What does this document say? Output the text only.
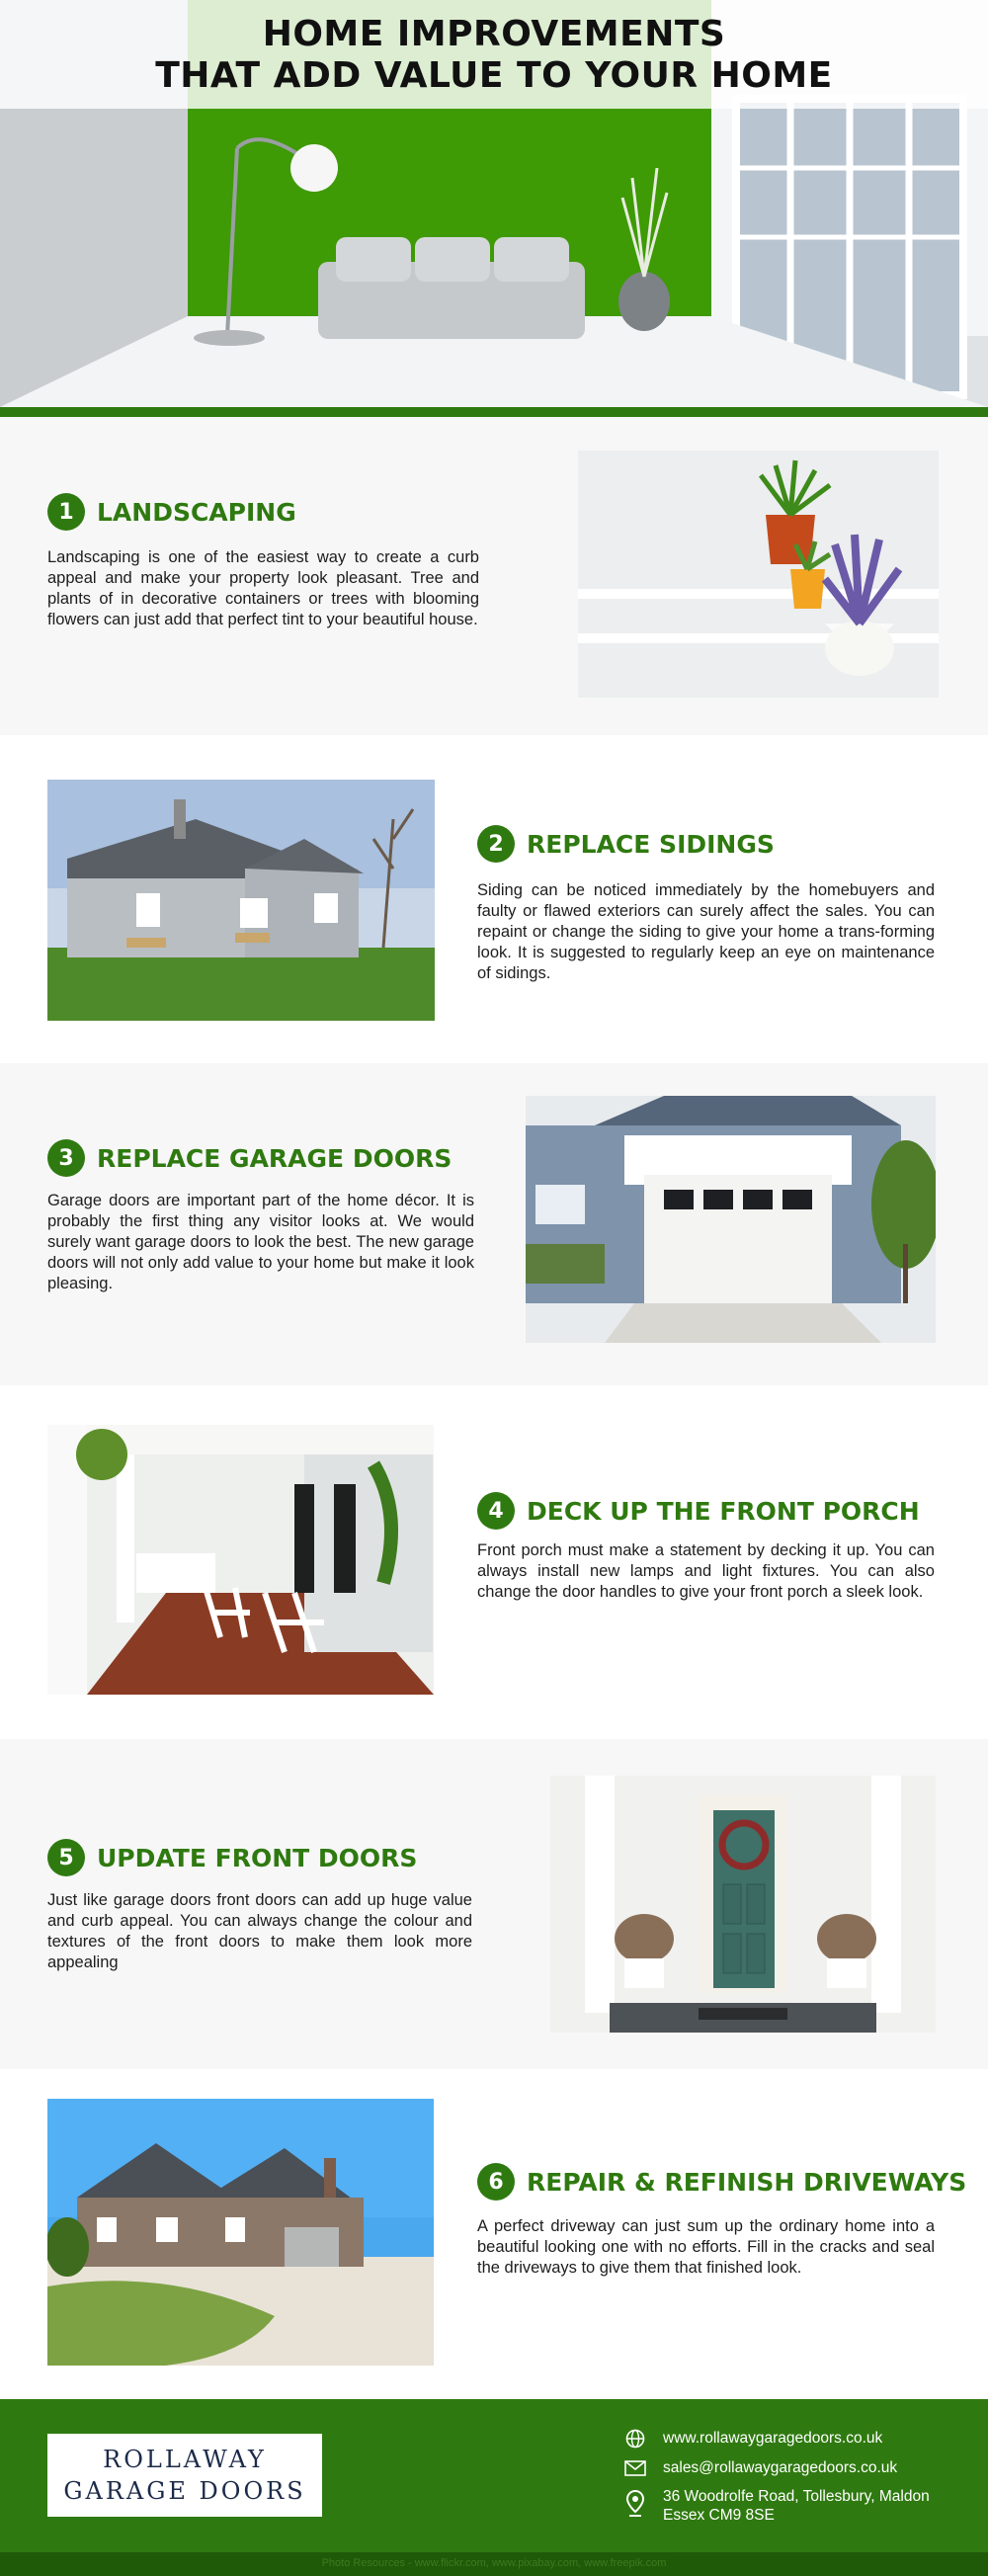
HOME IMPROVEMENTS
THAT ADD VALUE TO YOUR HOME
1 LANDSCAPING
Landscaping is one of the easiest way to create a curb appeal and make your property look pleasant. Tree and plants of in decorative containers or trees with blooming flowers can just add that perfect tint to your beautiful house.
2 REPLACE SIDINGS
Siding can be noticed immediately by the homebuyers and faulty or flawed exteriors can surely affect the sales. You can repaint or change the siding to give your home a trans-forming look. It is suggested to regularly keep an eye on maintenance of sidings.
3 REPLACE GARAGE DOORS
Garage doors are important part of the home décor. It is probably the first thing any visitor looks at. We would surely want garage doors to look the best. The new garage doors will not only add value to your home but make it look pleasing.
4 DECK UP THE FRONT PORCH
Front porch must make a statement by decking it up. You can always install new lamps and light fixtures. You can also change the door handles to give your front porch a sleek look.
5 UPDATE FRONT DOORS
Just like garage doors front doors can add up huge value and curb appeal. You can always change the colour and textures of the front doors to make them look more appealing
6 REPAIR & REFINISH DRIVEWAYS
A perfect driveway can just sum up the ordinary home into a beautiful looking one with no efforts. Fill in the cracks and seal the driveways to give them that finished look.
ROLLAWAY
GARAGE DOORS
www.rollawaygaragedoors.co.uk
sales@rollawaygaragedoors.co.uk
36 Woodrolfe Road, Tollesbury, Maldon
Essex CM9 8SE
Photo Resources - www.flickr.com, www.pixabay.com, www.freepik.com
